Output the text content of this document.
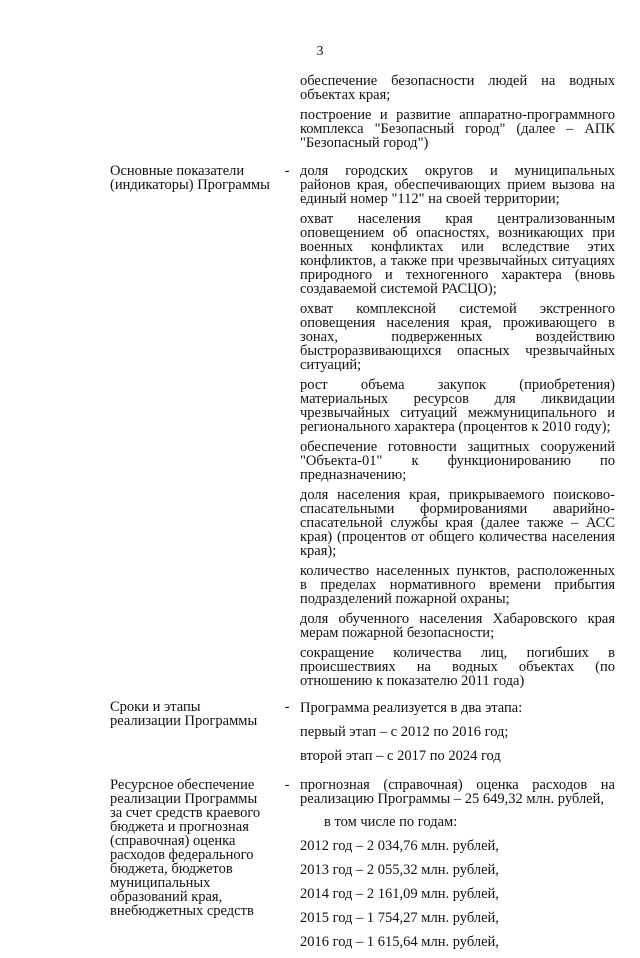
3
обеспечение безопасности людей на водных объектах края;
построение и развитие аппаратно-программного комплекса "Безопасный город" (далее – АПК "Безопасный город")
Основные показатели (индикаторы) Программы
- доля городских округов и муниципальных районов края, обеспечивающих прием вызова на единый номер "112" на своей территории;
охват населения края централизованным оповещением об опасностях, возникающих при военных конфликтах или вследствие этих конфликтов, а также при чрезвычайных ситуациях природного и техногенного характера (вновь создаваемой системой РАСЦО);
охват комплексной системой экстренного оповещения населения края, проживающего в зонах, подверженных воздействию быстроразвивающихся опасных чрезвычайных ситуаций;
рост объема закупок (приобретения) материальных ресурсов для ликвидации чрезвычайных ситуаций межмуниципального и регионального характера (процентов к 2010 году);
обеспечение готовности защитных сооружений "Объекта-01" к функционированию по предназначению;
доля населения края, прикрываемого поисково-спасательными формированиями аварийно-спасательной службы края (далее также – АСС края) (процентов от общего количества населения края);
количество населенных пунктов, расположенных в пределах нормативного времени прибытия подразделений пожарной охраны;
доля обученного населения Хабаровского края мерам пожарной безопасности;
сокращение количества лиц, погибших в происшествиях на водных объектах (по отношению к показателю 2011 года)
Сроки и этапы реализации Программы
- Программа реализуется в два этапа:
первый этап – с 2012 по 2016 год;
второй этап – с 2017 по 2024 год
Ресурсное обеспечение реализации Программы за счет средств краевого бюджета и прогнозная (справочная) оценка расходов федерального бюджета, бюджетов муниципальных образований края, внебюджетных средств
- прогнозная (справочная) оценка расходов на реализацию Программы – 25 649,32 млн. рублей,
в том числе по годам:
2012 год – 2 034,76 млн. рублей,
2013 год – 2 055,32 млн. рублей,
2014 год – 2 161,09 млн. рублей,
2015 год – 1 754,27 млн. рублей,
2016 год – 1 615,64 млн. рублей,
